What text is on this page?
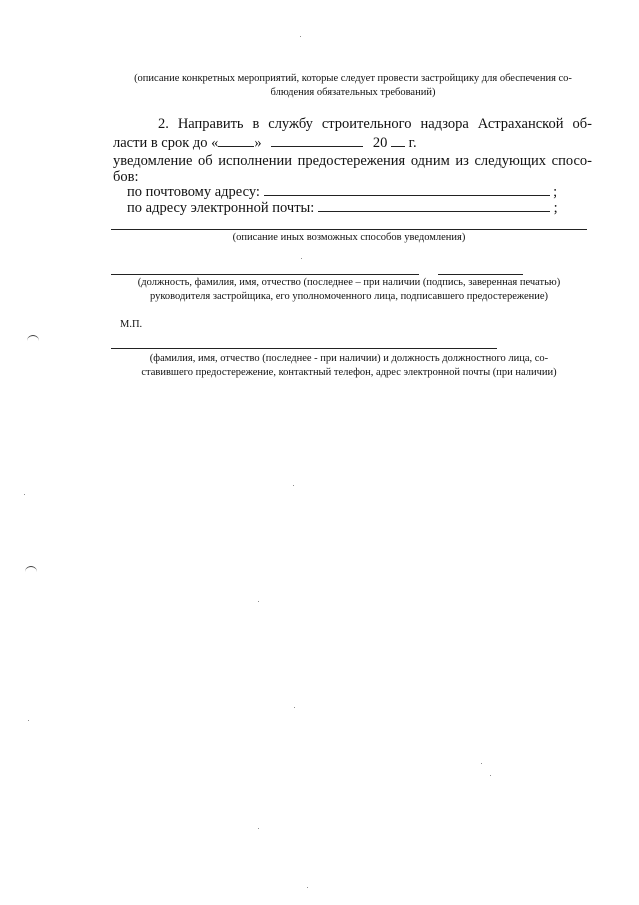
(описание конкретных мероприятий, которые следует провести застройщику для обеспечения со-
блюдения обязательных требований)
2. Направить в службу строительного надзора Астраханской об-
ласти в срок до « »	20 г.
уведомление об исполнении предостережения одним из следующих спосо-
бов:
по почтовому адресу:	;
по адресу электронной почты:	;
(описание иных возможных способов уведомления)
(должность, фамилия, имя, отчество (последнее – при наличии (подпись, заверенная печатью)
руководителя застройщика, его уполномоченного лица, подписавшего предостережение)
М.П.
(фамилия, имя, отчество (последнее - при наличии) и должность должностного лица, со-
ставившего предостережение, контактный телефон, адрес электронной почты (при наличии)
